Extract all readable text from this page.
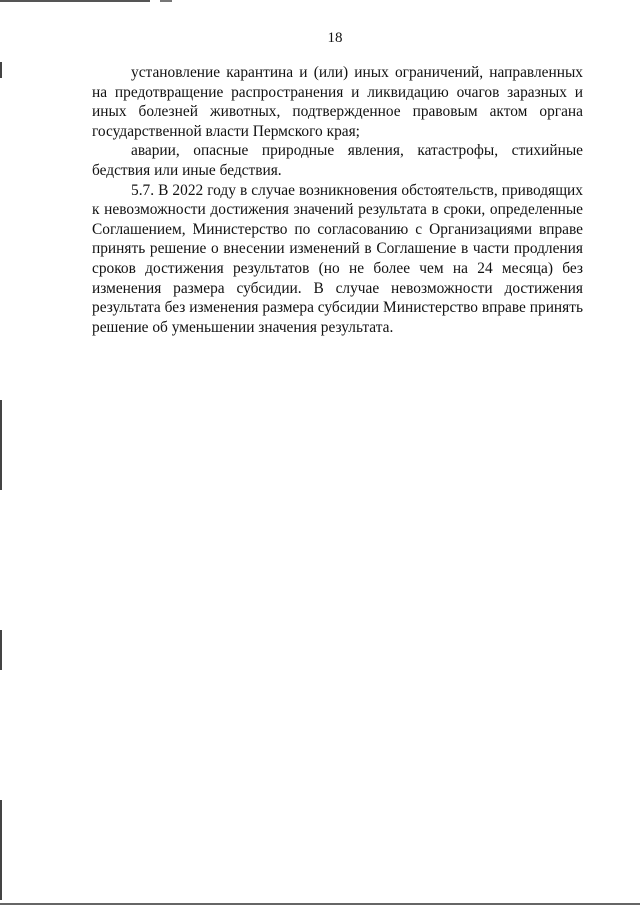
18

установление карантина и (или) иных ограничений, направленных на предотвращение распространения и ликвидацию очагов заразных и иных болезней животных, подтвержденное правовым актом органа государственной власти Пермского края;

аварии, опасные природные явления, катастрофы, стихийные бедствия или иные бедствия.

5.7. В 2022 году в случае возникновения обстоятельств, приводящих к невозможности достижения значений результата в сроки, определенные Соглашением, Министерство по согласованию с Организациями вправе принять решение о внесении изменений в Соглашение в части продления сроков достижения результатов (но не более чем на 24 месяца) без изменения размера субсидии. В случае невозможности достижения результата без изменения размера субсидии Министерство вправе принять решение об уменьшении значения результата.
